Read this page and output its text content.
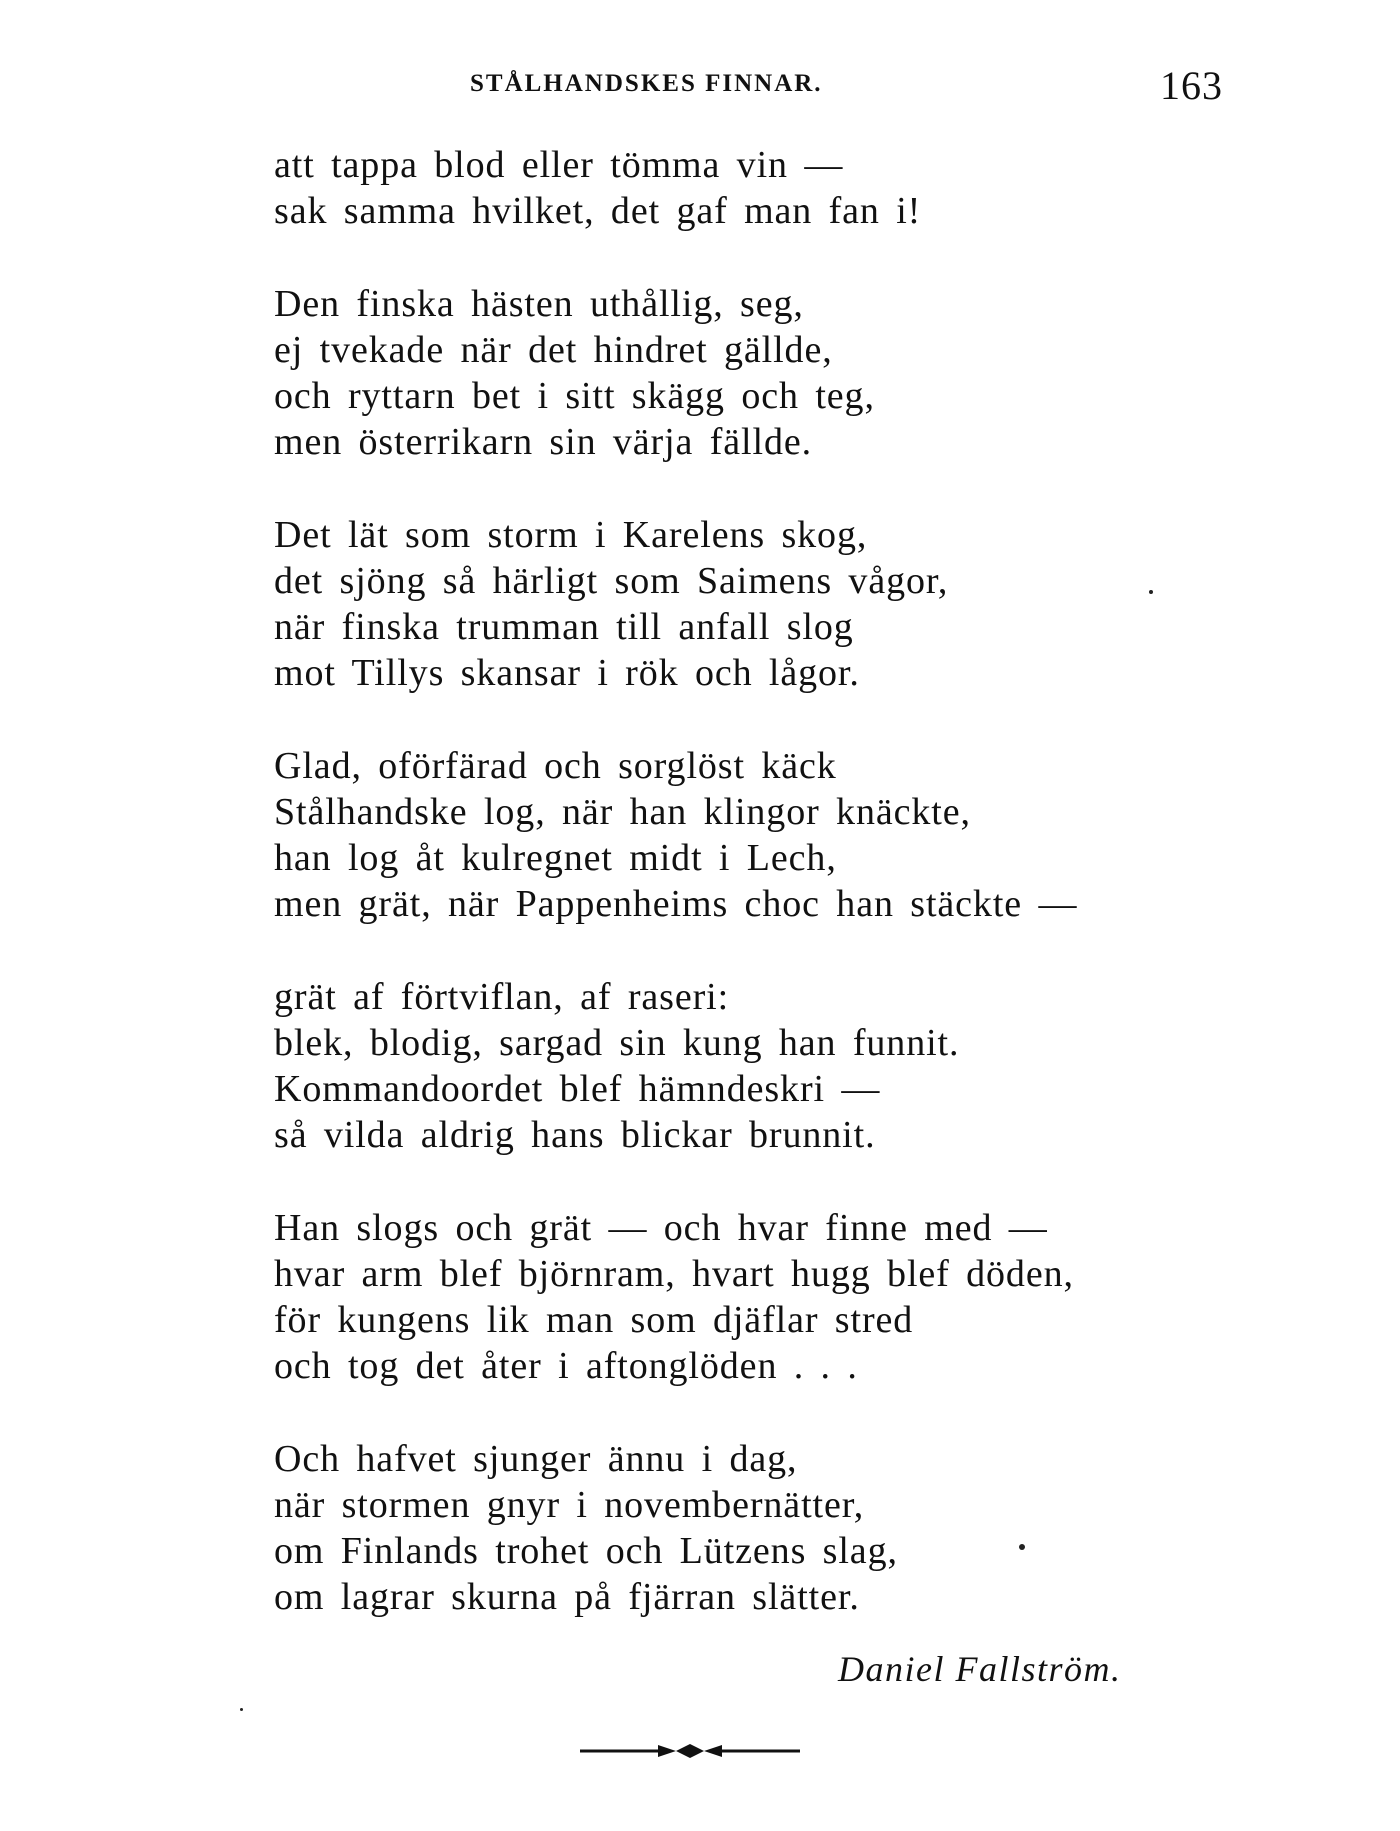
STÅLHANDSKES FINNAR.	163
att tappa blod eller tömma vin —
sak samma hvilket, det gaf man fan i!
Den finska hästen uthållig, seg,
ej tvekade när det hindret gällde,
och ryttarn bet i sitt skägg och teg,
men österrikarn sin värja fällde.
Det lät som storm i Karelens skog,
det sjöng så härligt som Saimens vågor,
när finska trumman till anfall slog
mot Tillys skansar i rök och lågor.
Glad, oförfärad och sorglöst käck
Stålhandske log, när han klingor knäckte,
han log åt kulregnet midt i Lech,
men grät, när Pappenheims choc han stäckte —
grät af förtviflan, af raseri:
blek, blodig, sargad sin kung han funnit.
Kommandoordet blef hämndeskri —
så vilda aldrig hans blickar brunnit.
Han slogs och grät — och hvar finne med —
hvar arm blef björnram, hvart hugg blef döden,
för kungens lik man som djäflar stred
och tog det åter i aftonglöden . . .
Och hafvet sjunger ännu i dag,
när stormen gnyr i novembernätter,
om Finlands trohet och Lützens slag,
om lagrar skurna på fjärran slätter.
Daniel Fallström.
